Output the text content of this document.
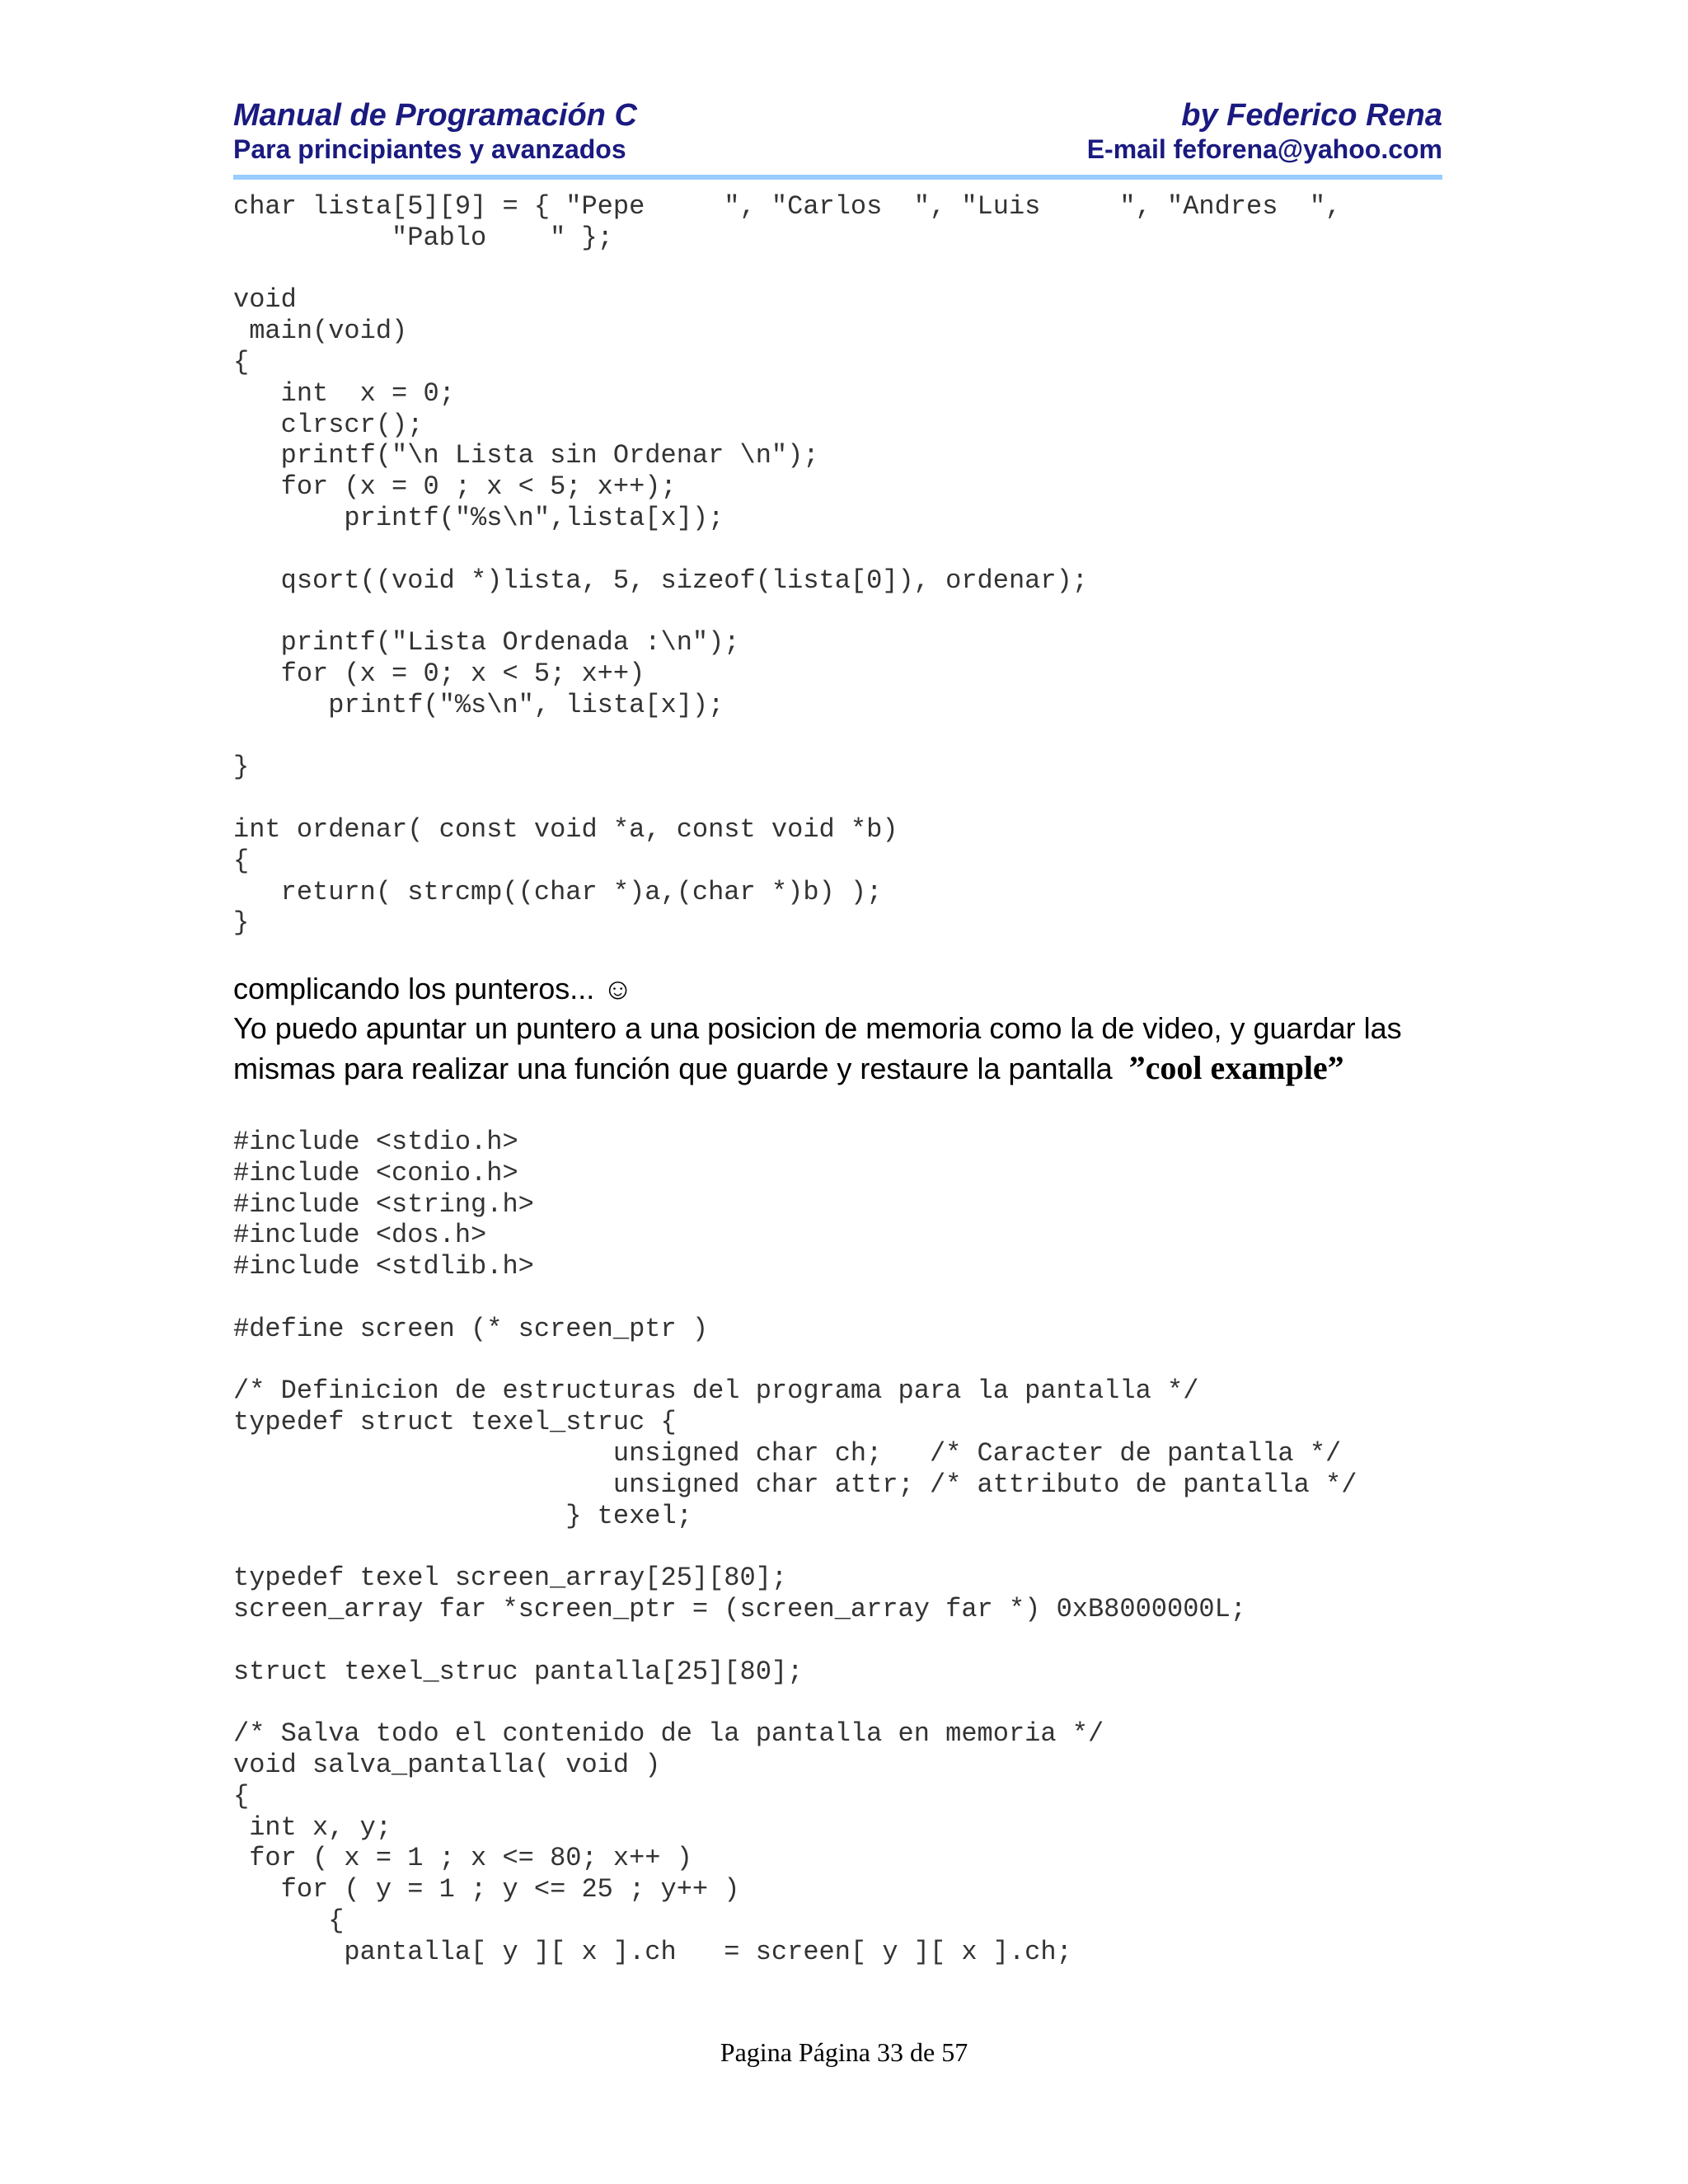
Manual de Programación C	by Federico Rena
Para principiantes y avanzados	E-mail feforena@yahoo.com
char lista[5][9] = { "Pepe     ", "Carlos  ", "Luis     ", "Andres  ",
"Pablo    " };

void
main(void)
{
int  x = 0;
clrscr();
printf("\n Lista sin Ordenar \n");
for (x = 0 ; x < 5; x++);
printf("%s\n",lista[x]);

qsort((void *)lista, 5, sizeof(lista[0]), ordenar);

printf("Lista Ordenada :\n");
for (x = 0; x < 5; x++)
printf("%s\n", lista[x]);

}

int ordenar( const void *a, const void *b)
{
return( strcmp((char *)a,(char *)b) );
}

complicando los punteros... ☺

Yo puedo apuntar un puntero a una posicion de memoria como la de video, y guardar las

mismas para realizar una función que guarde y restaure la pantalla ”cool example”

#include <stdio.h>
#include <conio.h>
#include <string.h>
#include <dos.h>
#include <stdlib.h>

#define screen (* screen_ptr )

/* Definicion de estructuras del programa para la pantalla */
typedef struct texel_struc {
unsigned char ch;   /* Caracter de pantalla */
unsigned char attr; /* attributo de pantalla */
} texel;

typedef texel screen_array[25][80];
screen_array far *screen_ptr = (screen_array far *) 0xB8000000L;

struct texel_struc pantalla[25][80];

/* Salva todo el contenido de la pantalla en memoria */
void salva_pantalla( void )
{
int x, y;
for ( x = 1 ; x <= 80; x++ )
for ( y = 1 ; y <= 25 ; y++ )
{
pantalla[ y ][ x ].ch   = screen[ y ][ x ].ch;
Pagina Página 33 de 57
